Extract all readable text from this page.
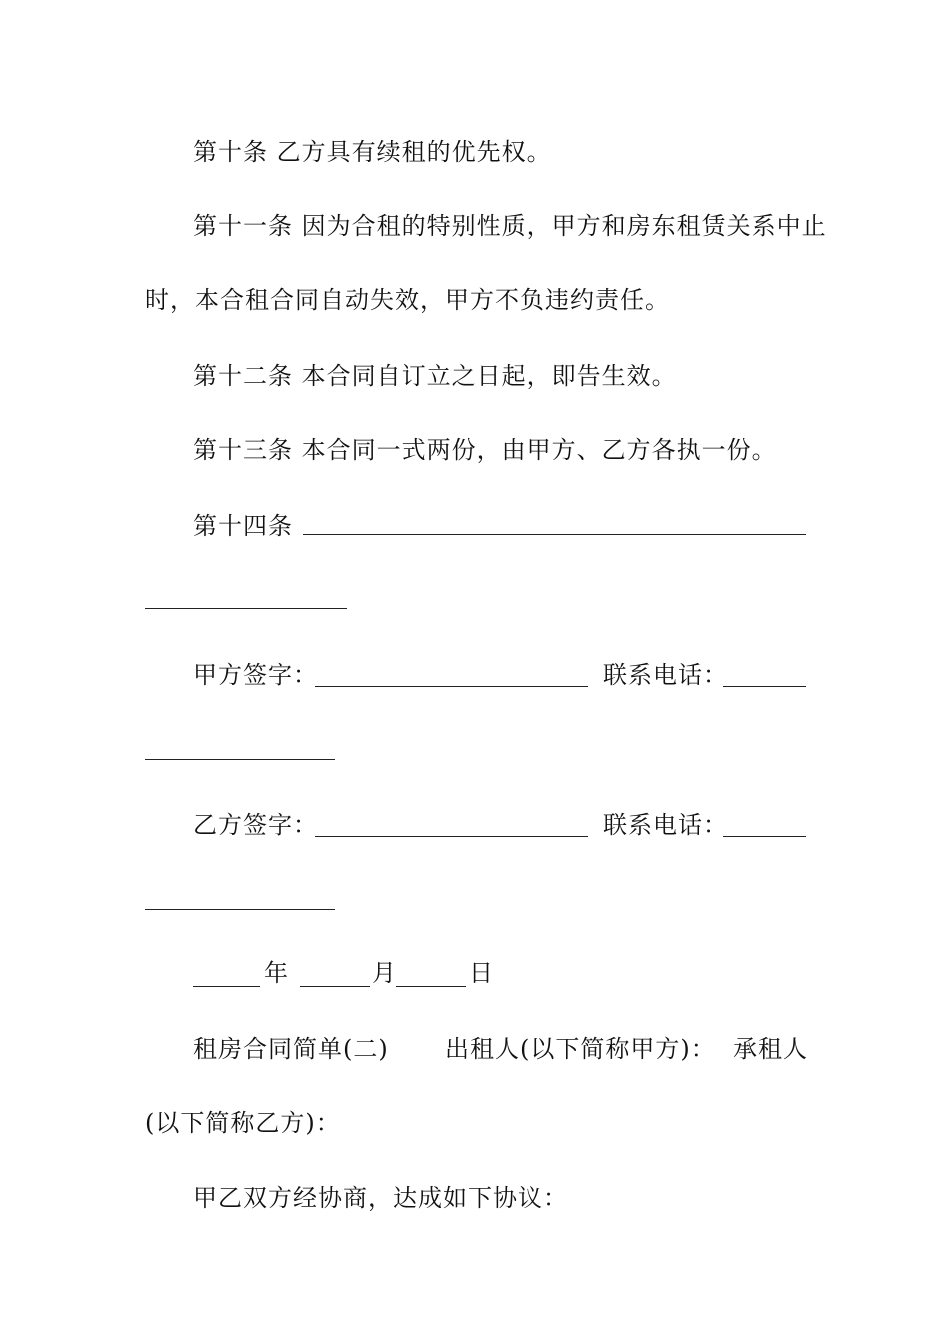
第十条 乙方具有续租的优先权。
第十一条 因为合租的特别性质，甲方和房东租赁关系中止
时，本合租合同自动失效，甲方不负违约责任。
第十二条 本合同自订立之日起，即告生效。
第十三条 本合同一式两份，由甲方、乙方各执一份。
第十四条
甲方签字：	联系电话：
乙方签字：	联系电话：
年	月	日
租房合同简单(二) 出租人(以下简称甲方)： 承租人
(以下简称乙方)：
甲乙双方经协商，达成如下协议：
